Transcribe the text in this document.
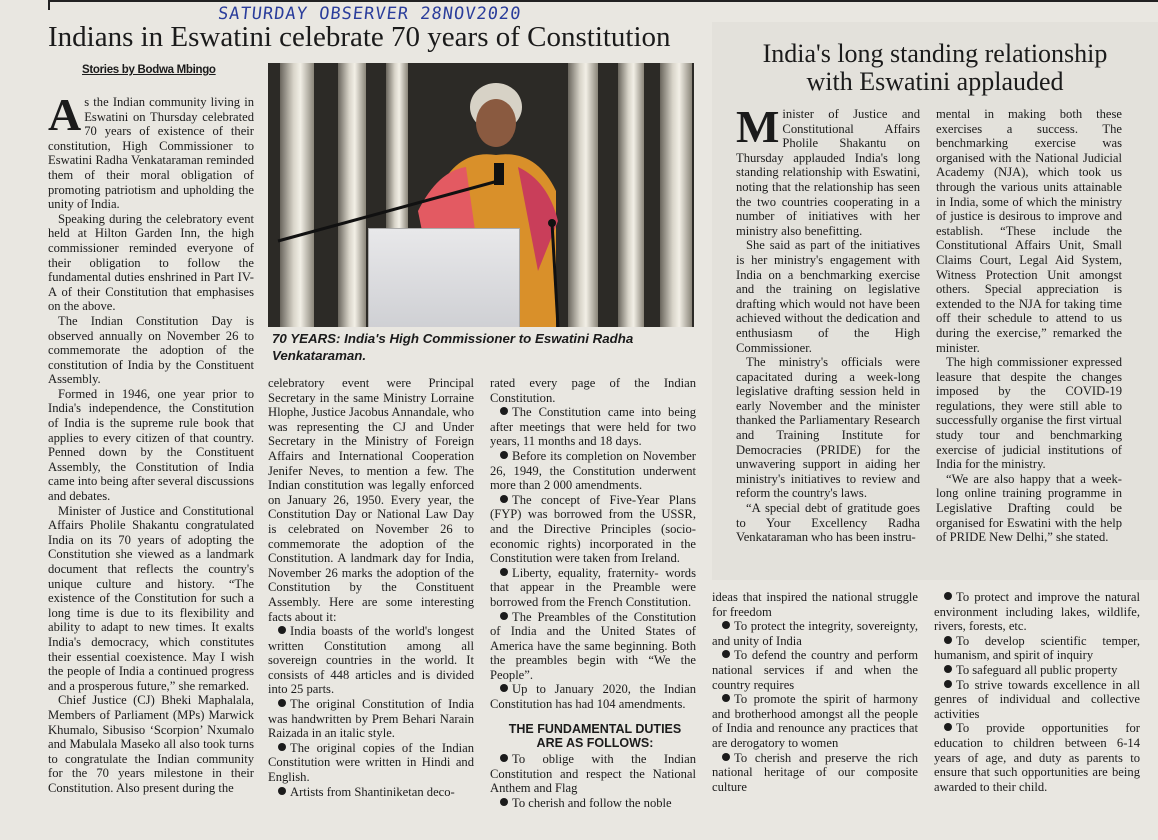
SATURDAY OBSERVER 28NOV2020
Indians in Eswatini celebrate 70 years of Constitution
Stories by Bodwa Mbingo

As the Indian community living in Eswatini on Thursday celebrated 70 years of existence of their constitution, High Commissioner to Eswatini Radha Venkataraman reminded them of their moral obligation of promoting patriotism and upholding the unity of India.

Speaking during the celebratory event held at Hilton Garden Inn, the high commissioner reminded everyone of their obligation to follow the fundamental duties enshrined in Part IV-A of their Constitution that emphasises on the above.

The Indian Constitution Day is observed annually on November 26 to commemorate the adoption of the constitution of India by the Constituent Assembly.

Formed in 1946, one year prior to India's independence, the Constitution of India is the supreme rule book that applies to every citizen of that country. Penned down by the Constituent Assembly, the Constitution of India came into being after several discussions and debates.

Minister of Justice and Constitutional Affairs Pholile Shakantu congratulated India on its 70 years of adopting the Constitution she viewed as a landmark document that reflects the country's unique culture and history. “The existence of the Constitution for such a long time is due to its flexibility and ability to adapt to new times. It exalts India's democracy, which constitutes their essential coexistence. May I wish the people of India a continued progress and a prosperous future,” she remarked.

Chief Justice (CJ) Bheki Maphalala, Members of Parliament (MPs) Marwick Khumalo, Sibusiso ‘Scorpion’ Nxumalo and Mabulala Maseko all also took turns to congratulate the Indian community for the 70 years milestone in their Constitution. Also present during the

70 YEARS: India's High Commissioner to Eswatini Radha Venkataraman.

celebratory event were Principal Secretary in the same Ministry Lorraine Hlophe, Justice Jacobus Annandale, who was representing the CJ and Under Secretary in the Ministry of Foreign Affairs and International Cooperation Jenifer Neves, to mention a few. The Indian constitution was legally enforced on January 26, 1950. Every year, the Constitution Day or National Law Day is celebrated on November 26 to commemorate the adoption of the Constitution. A landmark day for India, November 26 marks the adoption of the Constitution by the Constituent Assembly. Here are some interesting facts about it:

India boasts of the world's longest written Constitution among all sovereign countries in the world. It consists of 448 articles and is divided into 25 parts.

The original Constitution of India was handwritten by Prem Behari Narain Raizada in an italic style.

The original copies of the Indian Constitution were written in Hindi and English.

Artists from Shantiniketan deco-

rated every page of the Indian Constitution.

The Constitution came into being after meetings that were held for two years, 11 months and 18 days.

Before its completion on November 26, 1949, the Constitution underwent more than 2 000 amendments.

The concept of Five-Year Plans (FYP) was borrowed from the USSR, and the Directive Principles (socio-economic rights) incorporated in the Constitution were taken from Ireland.

Liberty, equality, fraternity- words that appear in the Preamble were borrowed from the French Constitution.

The Preambles of the Constitution of India and the United States of America have the same beginning. Both the preambles begin with “We the People”.

Up to January 2020, the Indian Constitution has had 104 amendments.

THE FUNDAMENTAL DUTIES
ARE AS FOLLOWS:

To oblige with the Indian Constitution and respect the National Anthem and Flag

To cherish and follow the noble

India's long standing relationship
with Eswatini applauded

Minister of Justice and Constitutional Affairs Pholile Shakantu on Thursday applauded India's long standing relationship with Eswatini, noting that the relationship has seen the two countries cooperating in a number of initiatives with her ministry also benefitting.

She said as part of the initiatives is her ministry's engagement with India on a benchmarking exercise and the training on legislative drafting which would not have been achieved without the dedication and enthusiasm of the High Commissioner.

The ministry's officials were capacitated during a week-long legislative drafting session held in early November and the minister thanked the Parliamentary Research and Training Institute for Democracies (PRIDE) for the unwavering support in aiding her ministry's initiatives to review and reform the country's laws.

“A special debt of gratitude goes to Your Excellency Radha Venkataraman who has been instru-

mental in making both these exercises a success. The benchmarking exercise was organised with the National Judicial Academy (NJA), which took us through the various units attainable in India, some of which the ministry of justice is desirous to improve and establish. “These include the Constitutional Affairs Unit, Small Claims Court, Legal Aid System, Witness Protection Unit amongst others. Special appreciation is extended to the NJA for taking time off their schedule to attend to us during the exercise,” remarked the minister.

The high commissioner expressed leasure that despite the changes imposed by the COVID-19 regulations, they were still able to successfully organise the first virtual study tour and benchmarking exercise of judicial institutions of India for the ministry.

“We are also happy that a week-long online training programme in Legislative Drafting could be organised for Eswatini with the help of PRIDE New Delhi,” she stated.

ideas that inspired the national struggle for freedom

To protect the integrity, sovereignty, and unity of India

To defend the country and perform national services if and when the country requires

To promote the spirit of harmony and brotherhood amongst all the people of India and renounce any practices that are derogatory to women

To cherish and preserve the rich national heritage of our composite culture

To protect and improve the natural environment including lakes, wildlife, rivers, forests, etc.

To develop scientific temper, humanism, and spirit of inquiry

To safeguard all public property

To strive towards excellence in all genres of individual and collective activities

To provide opportunities for education to children between 6-14 years of age, and duty as parents to ensure that such opportunities are being awarded to their child.
